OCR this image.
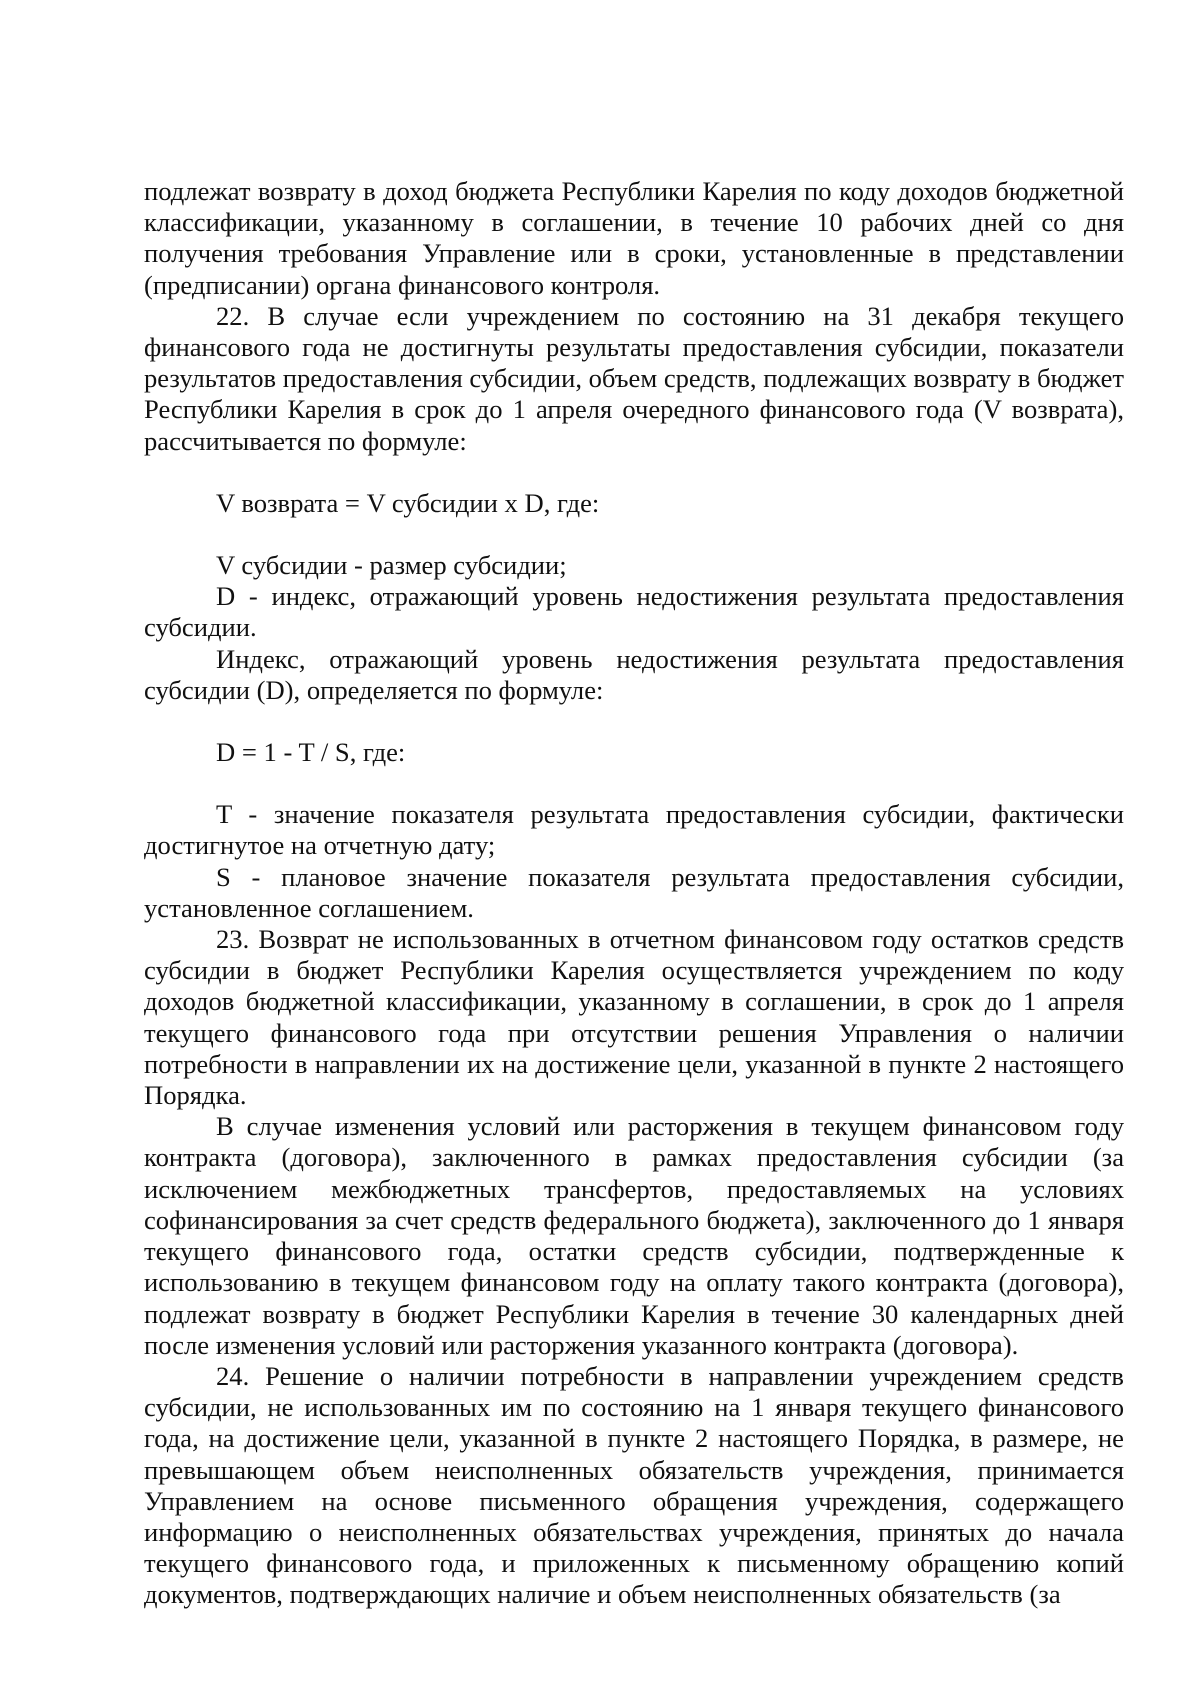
подлежат возврату в доход бюджета Республики Карелия по коду доходов бюджетной классификации, указанному в соглашении, в течение 10 рабочих дней со дня получения требования Управление или в сроки, установленные в представлении (предписании) органа финансового контроля.

22. В случае если учреждением по состоянию на 31 декабря текущего финансового года не достигнуты результаты предоставления субсидии, показатели результатов предоставления субсидии, объем средств, подлежащих возврату в бюджет Республики Карелия в срок до 1 апреля очередного финансового года (V возврата), рассчитывается по формуле:

V возврата = V субсидии x D, где:

V субсидии - размер субсидии;

D - индекс, отражающий уровень недостижения результата предоставления субсидии.

Индекс, отражающий уровень недостижения результата предоставления субсидии (D), определяется по формуле:

D = 1 - T / S, где:

T - значение показателя результата предоставления субсидии, фактически достигнутое на отчетную дату;

S - плановое значение показателя результата предоставления субсидии, установленное соглашением.

23. Возврат не использованных в отчетном финансовом году остатков средств субсидии в бюджет Республики Карелия осуществляется учреждением по коду доходов бюджетной классификации, указанному в соглашении, в срок до 1 апреля текущего финансового года при отсутствии решения Управления о наличии потребности в направлении их на достижение цели, указанной в пункте 2 настоящего Порядка.

В случае изменения условий или расторжения в текущем финансовом году контракта (договора), заключенного в рамках предоставления субсидии (за исключением межбюджетных трансфертов, предоставляемых на условиях софинансирования за счет средств федерального бюджета), заключенного до 1 января текущего финансового года, остатки средств субсидии, подтвержденные к использованию в текущем финансовом году на оплату такого контракта (договора), подлежат возврату в бюджет Республики Карелия в течение 30 календарных дней после изменения условий или расторжения указанного контракта (договора).

24. Решение о наличии потребности в направлении учреждением средств субсидии, не использованных им по состоянию на 1 января текущего финансового года, на достижение цели, указанной в пункте 2 настоящего Порядка, в размере, не превышающем объем неисполненных обязательств учреждения, принимается Управлением на основе письменного обращения учреждения, содержащего информацию о неисполненных обязательствах учреждения, принятых до начала текущего финансового года, и приложенных к письменному обращению копий документов, подтверждающих наличие и объем неисполненных обязательств (за
